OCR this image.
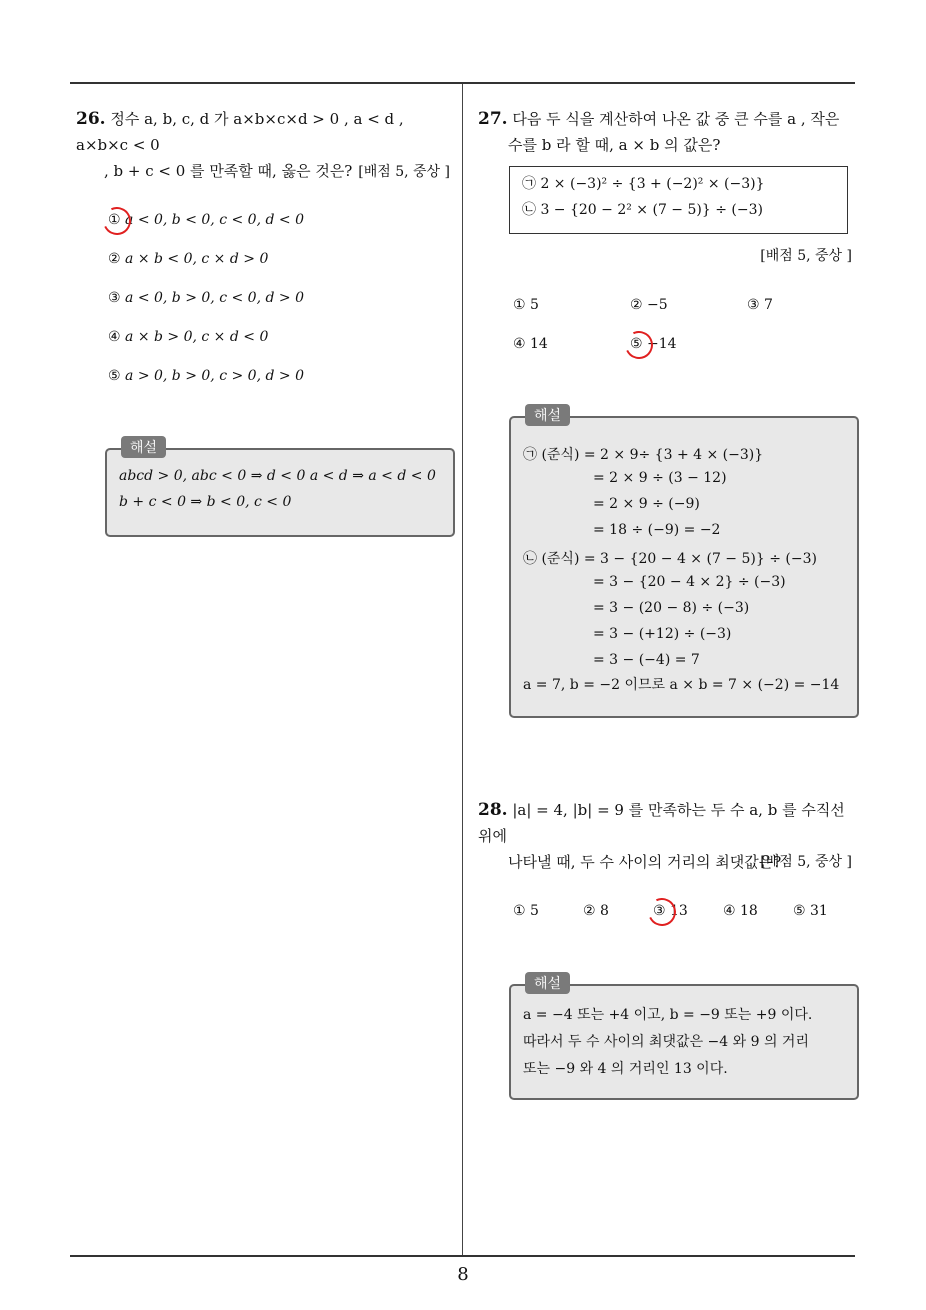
26. 정수 a, b, c, d 가 a×b×c×d > 0 , a < d , a×b×c < 0
, b + c < 0 를 만족할 때, 옳은 것은? [배점 5, 중상 ]
① a < 0, b < 0, c < 0, d < 0
② a × b < 0, c × d > 0
③ a < 0, b > 0, c < 0, d > 0
④ a × b > 0, c × d < 0
⑤ a > 0, b > 0, c > 0, d > 0
해설
abcd > 0, abc < 0 ⇒ d < 0 a < d ⇒ a < d < 0
b + c < 0 ⇒ b < 0, c < 0
27. 다음 두 식을 계산하여 나온 값 중 큰 수를 a , 작은
수를 b 라 할 때, a × b 의 값은?
㉠ 2 × (−3)² ÷ {3 + (−2)² × (−3)}
㉡ 3 − {20 − 2² × (7 − 5)} ÷ (−3)
[배점 5, 중상 ]
① 5	② −5	③ 7
④ 14	⑤ −14
해설
㉠ (준식) = 2 × 9÷ {3 + 4 × (−3)}
= 2 × 9 ÷ (3 − 12)
= 2 × 9 ÷ (−9)
= 18 ÷ (−9) = −2
㉡ (준식) = 3 − {20 − 4 × (7 − 5)} ÷ (−3)
= 3 − {20 − 4 × 2} ÷ (−3)
= 3 − (20 − 8) ÷ (−3)
= 3 − (+12) ÷ (−3)
= 3 − (−4) = 7
a = 7, b = −2 이므로 a × b = 7 × (−2) = −14
28. |a| = 4, |b| = 9 를 만족하는 두 수 a, b 를 수직선 위에
나타낼 때, 두 수 사이의 거리의 최댓값은?
[배점 5, 중상 ]
① 5	② 8	③ 13	④ 18	⑤ 31
해설
a = −4 또는 +4 이고, b = −9 또는 +9 이다.
따라서 두 수 사이의 최댓값은 −4 와 9 의 거리
또는 −9 와 4 의 거리인 13 이다.
8
